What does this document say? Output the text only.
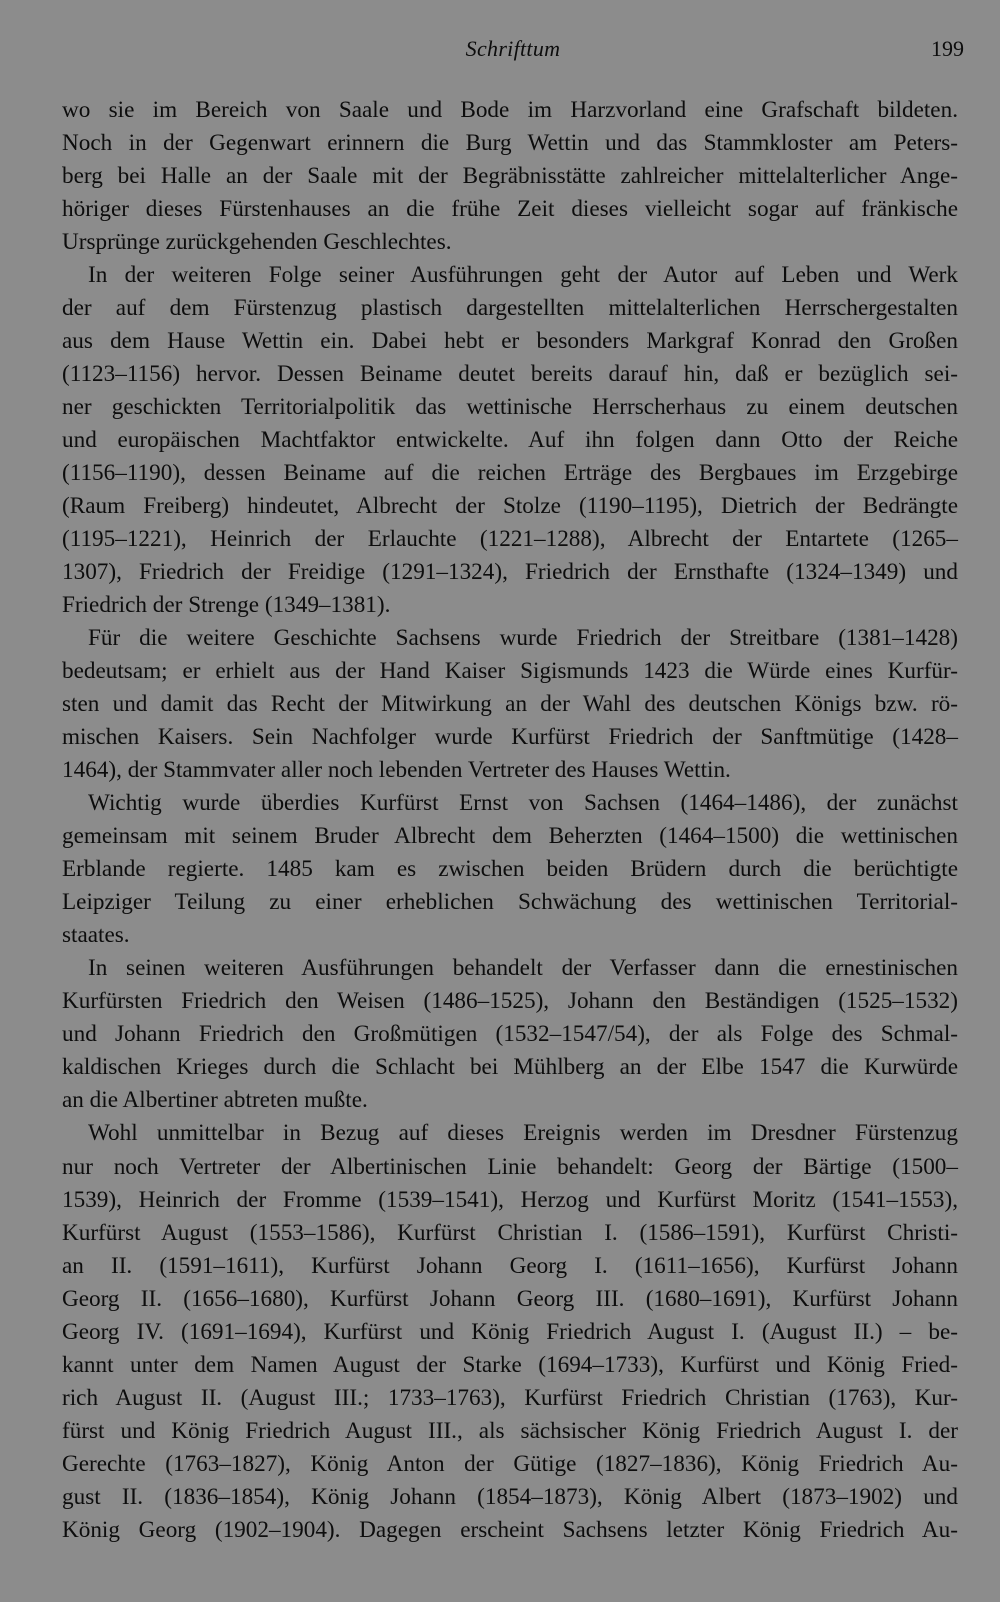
Schrifttum	199
wo sie im Bereich von Saale und Bode im Harzvorland eine Grafschaft bildeten.
Noch in der Gegenwart erinnern die Burg Wettin und das Stammkloster am Peters-
berg bei Halle an der Saale mit der Begräbnisstätte zahlreicher mittelalterlicher Ange-
höriger dieses Fürstenhauses an die frühe Zeit dieses vielleicht sogar auf fränkische
Ursprünge zurückgehenden Geschlechtes.
In der weiteren Folge seiner Ausführungen geht der Autor auf Leben und Werk
der auf dem Fürstenzug plastisch dargestellten mittelalterlichen Herrschergestalten
aus dem Hause Wettin ein. Dabei hebt er besonders Markgraf Konrad den Großen
(1123–1156) hervor. Dessen Beiname deutet bereits darauf hin, daß er bezüglich sei-
ner geschickten Territorialpolitik das wettinische Herrscherhaus zu einem deutschen
und europäischen Machtfaktor entwickelte. Auf ihn folgen dann Otto der Reiche
(1156–1190), dessen Beiname auf die reichen Erträge des Bergbaues im Erzgebirge
(Raum Freiberg) hindeutet, Albrecht der Stolze (1190–1195), Dietrich der Bedrängte
(1195–1221), Heinrich der Erlauchte (1221–1288), Albrecht der Entartete (1265–
1307), Friedrich der Freidige (1291–1324), Friedrich der Ernsthafte (1324–1349) und
Friedrich der Strenge (1349–1381).
Für die weitere Geschichte Sachsens wurde Friedrich der Streitbare (1381–1428)
bedeutsam; er erhielt aus der Hand Kaiser Sigismunds 1423 die Würde eines Kurfür-
sten und damit das Recht der Mitwirkung an der Wahl des deutschen Königs bzw. rö-
mischen Kaisers. Sein Nachfolger wurde Kurfürst Friedrich der Sanftmütige (1428–
1464), der Stammvater aller noch lebenden Vertreter des Hauses Wettin.
Wichtig wurde überdies Kurfürst Ernst von Sachsen (1464–1486), der zunächst
gemeinsam mit seinem Bruder Albrecht dem Beherzten (1464–1500) die wettinischen
Erblande regierte. 1485 kam es zwischen beiden Brüdern durch die berüchtigte
Leipziger Teilung zu einer erheblichen Schwächung des wettinischen Territorial-
staates.
In seinen weiteren Ausführungen behandelt der Verfasser dann die ernestinischen
Kurfürsten Friedrich den Weisen (1486–1525), Johann den Beständigen (1525–1532)
und Johann Friedrich den Großmütigen (1532–1547/54), der als Folge des Schmal-
kaldischen Krieges durch die Schlacht bei Mühlberg an der Elbe 1547 die Kurwürde
an die Albertiner abtreten mußte.
Wohl unmittelbar in Bezug auf dieses Ereignis werden im Dresdner Fürstenzug
nur noch Vertreter der Albertinischen Linie behandelt: Georg der Bärtige (1500–
1539), Heinrich der Fromme (1539–1541), Herzog und Kurfürst Moritz (1541–1553),
Kurfürst August (1553–1586), Kurfürst Christian I. (1586–1591), Kurfürst Christi-
an II. (1591–1611), Kurfürst Johann Georg I. (1611–1656), Kurfürst Johann
Georg II. (1656–1680), Kurfürst Johann Georg III. (1680–1691), Kurfürst Johann
Georg IV. (1691–1694), Kurfürst und König Friedrich August I. (August II.) – be-
kannt unter dem Namen August der Starke (1694–1733), Kurfürst und König Fried-
rich August II. (August III.; 1733–1763), Kurfürst Friedrich Christian (1763), Kur-
fürst und König Friedrich August III., als sächsischer König Friedrich August I. der
Gerechte (1763–1827), König Anton der Gütige (1827–1836), König Friedrich Au-
gust II. (1836–1854), König Johann (1854–1873), König Albert (1873–1902) und
König Georg (1902–1904). Dagegen erscheint Sachsens letzter König Friedrich Au-
